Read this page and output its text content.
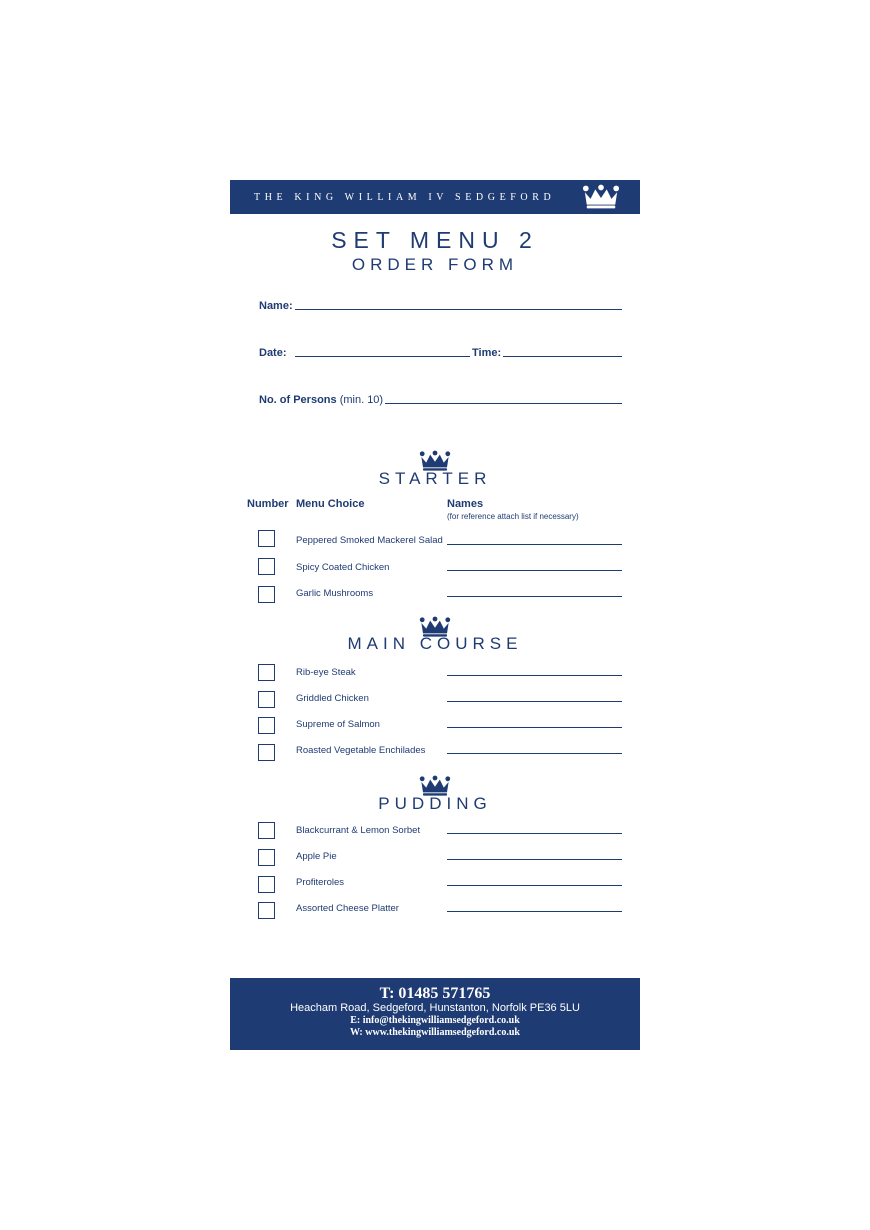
THE KING WILLIAM IV SEDGEFORD
SET MENU 2
ORDER FORM
Name:
Date:	Time:
No. of Persons (min. 10)
STARTER
Number Menu Choice	Names
(for reference attach list if necessary)
Peppered Smoked Mackerel Salad
Spicy Coated Chicken
Garlic Mushrooms
MAIN COURSE
Rib-eye Steak
Griddled Chicken
Supreme of Salmon
Roasted Vegetable Enchilades
PUDDING
Blackcurrant & Lemon Sorbet
Apple Pie
Profiteroles
Assorted Cheese Platter
T: 01485 571765
Heacham Road, Sedgeford, Hunstanton, Norfolk PE36 5LU
E: info@thekingwilliamsedgeford.co.uk
W: www.thekingwilliamsedgeford.co.uk
